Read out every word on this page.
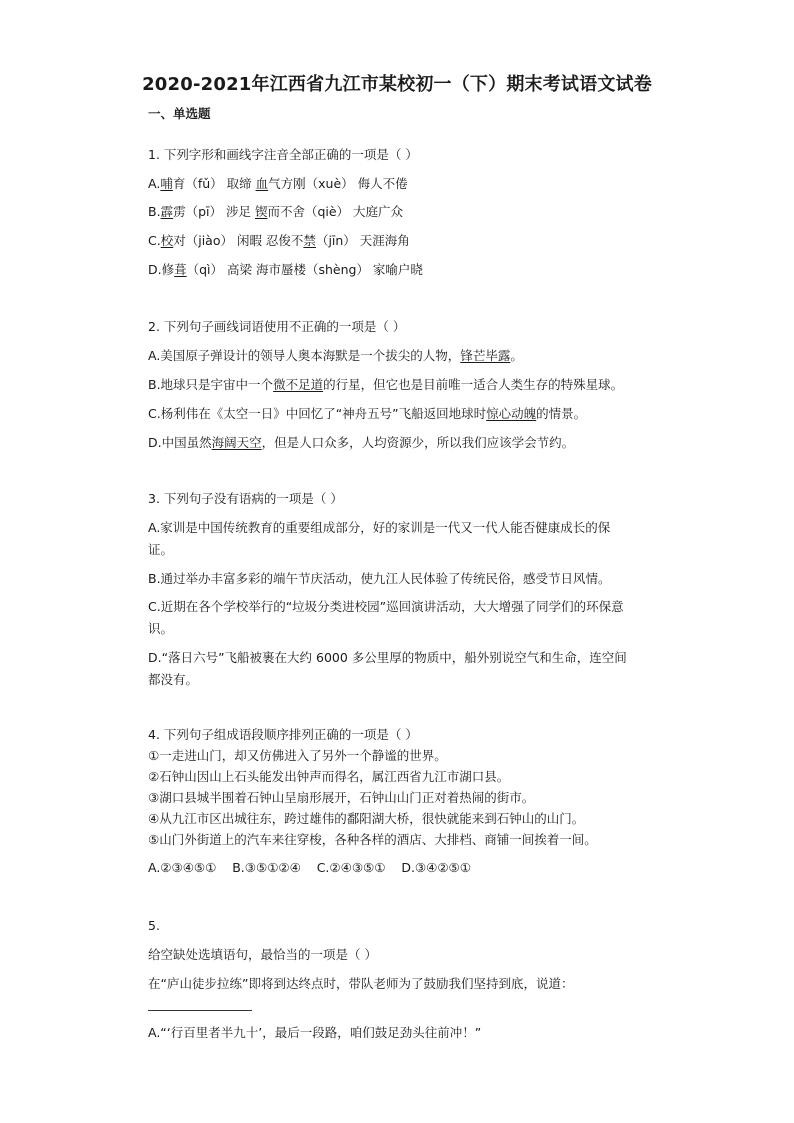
2020-2021年江西省九江市某校初一（下）期末考试语文试卷
一、单选题
1. 下列字形和画线字注音全部正确的一项是（ ）
A.哺育（fǔ） 取缔 血气方刚（xuè） 侮人不倦
B.霹雳（pī） 涉足 锲而不舍（qiè） 大庭广众
C.校对（jiào） 闲暇 忍俊不禁（jīn） 天涯海角
D.修葺（qì） 高梁 海市蜃楼（shèng） 家喻户晓
2. 下列句子画线词语使用不正确的一项是（ ）
A.美国原子弹设计的领导人奥本海默是一个拔尖的人物，锋芒毕露。
B.地球只是宇宙中一个微不足道的行星，但它也是目前唯一适合人类生存的特殊星球。
C.杨利伟在《太空一日》中回忆了“神舟五号”飞船返回地球时惊心动魄的情景。
D.中国虽然海阔天空，但是人口众多，人均资源少，所以我们应该学会节约。
3. 下列句子没有语病的一项是（ ）
A.家训是中国传统教育的重要组成部分，好的家训是一代又一代人能否健康成长的保
证。
B.通过举办丰富多彩的端午节庆活动，使九江人民体验了传统民俗，感受节日风情。
C.近期在各个学校举行的“垃圾分类进校园”巡回演讲活动，大大增强了同学们的环保意
识。
D.“落日六号”飞船被裹在大约 6000 多公里厚的物质中，船外别说空气和生命，连空间
都没有。
4. 下列句子组成语段顺序排列正确的一项是（ ）
①一走进山门，却又仿佛进入了另外一个静谧的世界。
②石钟山因山上石头能发出钟声而得名，属江西省九江市湖口县。
③湖口县城半围着石钟山呈扇形展开，石钟山山门正对着热闹的街市。
④从九江市区出城往东，跨过雄伟的鄱阳湖大桥，很快就能来到石钟山的山门。
⑤山门外街道上的汽车来往穿梭，各种各样的酒店、大排档、商铺一间挨着一间。
A.②③④⑤①    B.③⑤①②④    C.②④③⑤①    D.③④②⑤①
5.
给空缺处选填语句，最恰当的一项是（ ）
在“庐山徒步拉练”即将到达终点时，带队老师为了鼓励我们坚持到底，说道：
A.“‘行百里者半九十’，最后一段路，咱们鼓足劲头往前冲！”
